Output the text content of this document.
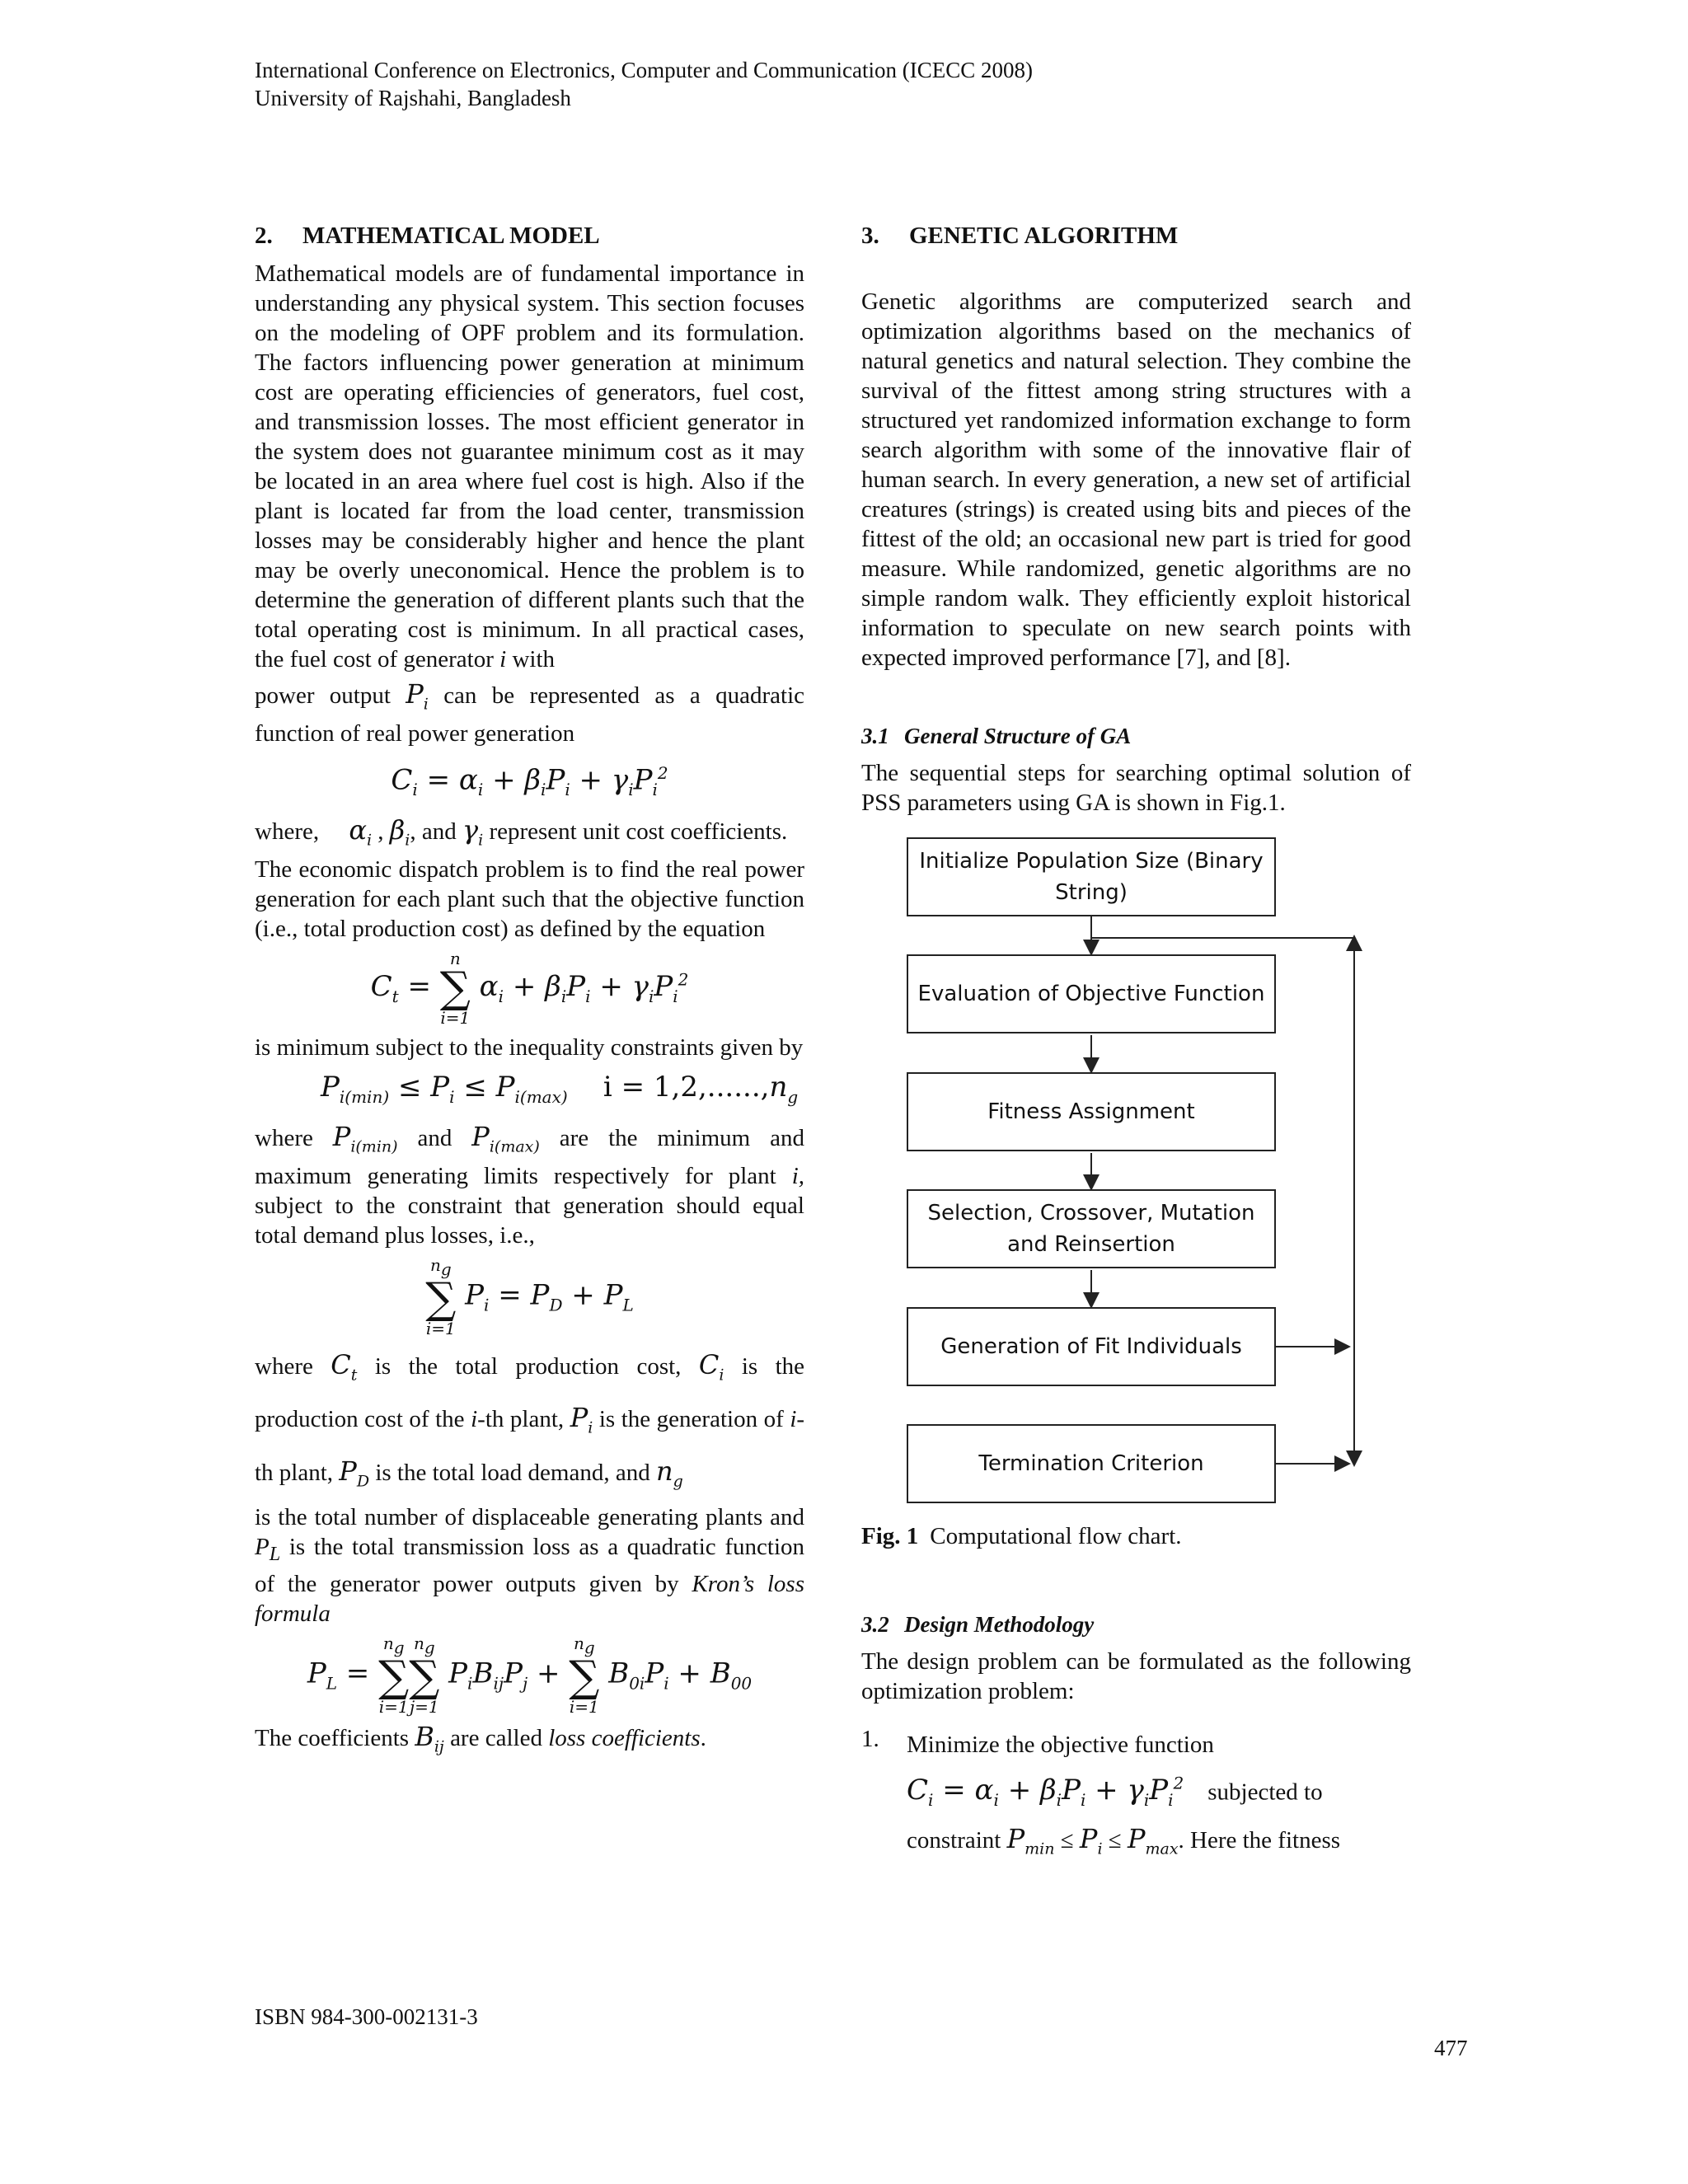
International Conference on Electronics, Computer and Communication (ICECC 2008)
University of Rajshahi, Bangladesh
2. MATHEMATICAL MODEL

Mathematical models are of fundamental importance in understanding any physical system. This section focuses on the modeling of OPF problem and its formulation. The factors influencing power generation at minimum cost are operating efficiencies of generators, fuel cost, and transmission losses. The most efficient generator in the system does not guarantee minimum cost as it may be located in an area where fuel cost is high. Also if the plant is located far from the load center, transmission losses may be considerably higher and hence the plant may be overly uneconomical. Hence the problem is to determine the generation of different plants such that the total operating cost is minimum. In all practical cases, the fuel cost of generator i with

power output $P_i$ can be represented as a quadratic function of real power generation

$C_i = \alpha_i + \beta_iP_i + \gamma_iP_i^2$

where, $\alpha_i$ , $\beta_i$, and $\gamma_i$ represent unit cost coefficients.

The economic dispatch problem is to find the real power generation for each plant such that the objective function (i.e., total production cost) as defined by the equation

$C_t$ =
n
∑
i=1
$\alpha_i + \beta_iP_i + \gamma_iP_i^2$

is minimum subject to the inequality constraints given by

$P_{i(min)} \le P_i \le P_{i(max)}$ $i = 1,2,......,n_g$

where $P_{i(min)}$ and $P_{i(max)}$ are the minimum and maximum generating limits respectively for plant i, subject to the constraint that generation should equal total demand plus losses, i.e.,

$n_g$
∑
i=1
$P_i = P_D + P_L$

where $C_t$ is the total production cost, $C_i$ is the production cost of the i-th plant, $P_i$ is the generation of i-th plant, $P_D$ is the total load demand, and $n_g$

is the total number of displaceable generating plants and $P_L$ is the total transmission loss as a quadratic function of the generator power outputs given by Kron’s loss formula

$P_L$ =
$n_g$
∑
i=1
$n_g$
∑
j=1
$P_iB_{ij}P_j$ +
$n_g$
∑
i=1
$B_{0i}P_i + B_{00}$

The coefficients $B_{ij}$ are called loss coefficients.

3. GENETIC ALGORITHM

Genetic algorithms are computerized search and optimization algorithms based on the mechanics of natural genetics and natural selection. They combine the survival of the fittest among string structures with a structured yet randomized information exchange to form search algorithm with some of the innovative flair of human search. In every generation, a new set of artificial creatures (strings) is created using bits and pieces of the fittest of the old; an occasional new part is tried for good measure. While randomized, genetic algorithms are no simple random walk. They efficiently exploit historical information to speculate on new search points with expected improved performance [7], and [8].

3.1 General Structure of GA

The sequential steps for searching optimal solution of PSS parameters using GA is shown in Fig.1.

Initialize Population Size (Binary String)
Evaluation of Objective Function
Fitness Assignment
Selection, Crossover, Mutation and Reinsertion
Generation of Fit Individuals
Termination Criterion

Fig. 1 Computational flow chart.

3.2 Design Methodology

The design problem can be formulated as the following optimization problem:

1.	Minimize the objective function

$C_i = \alpha_i + \beta_iP_i + \gamma_iP_i^2$ subjected to

constraint $P_{min} \le P_i \le P_{max}$. Here the fitness

ISBN 984-300-002131-3
477
